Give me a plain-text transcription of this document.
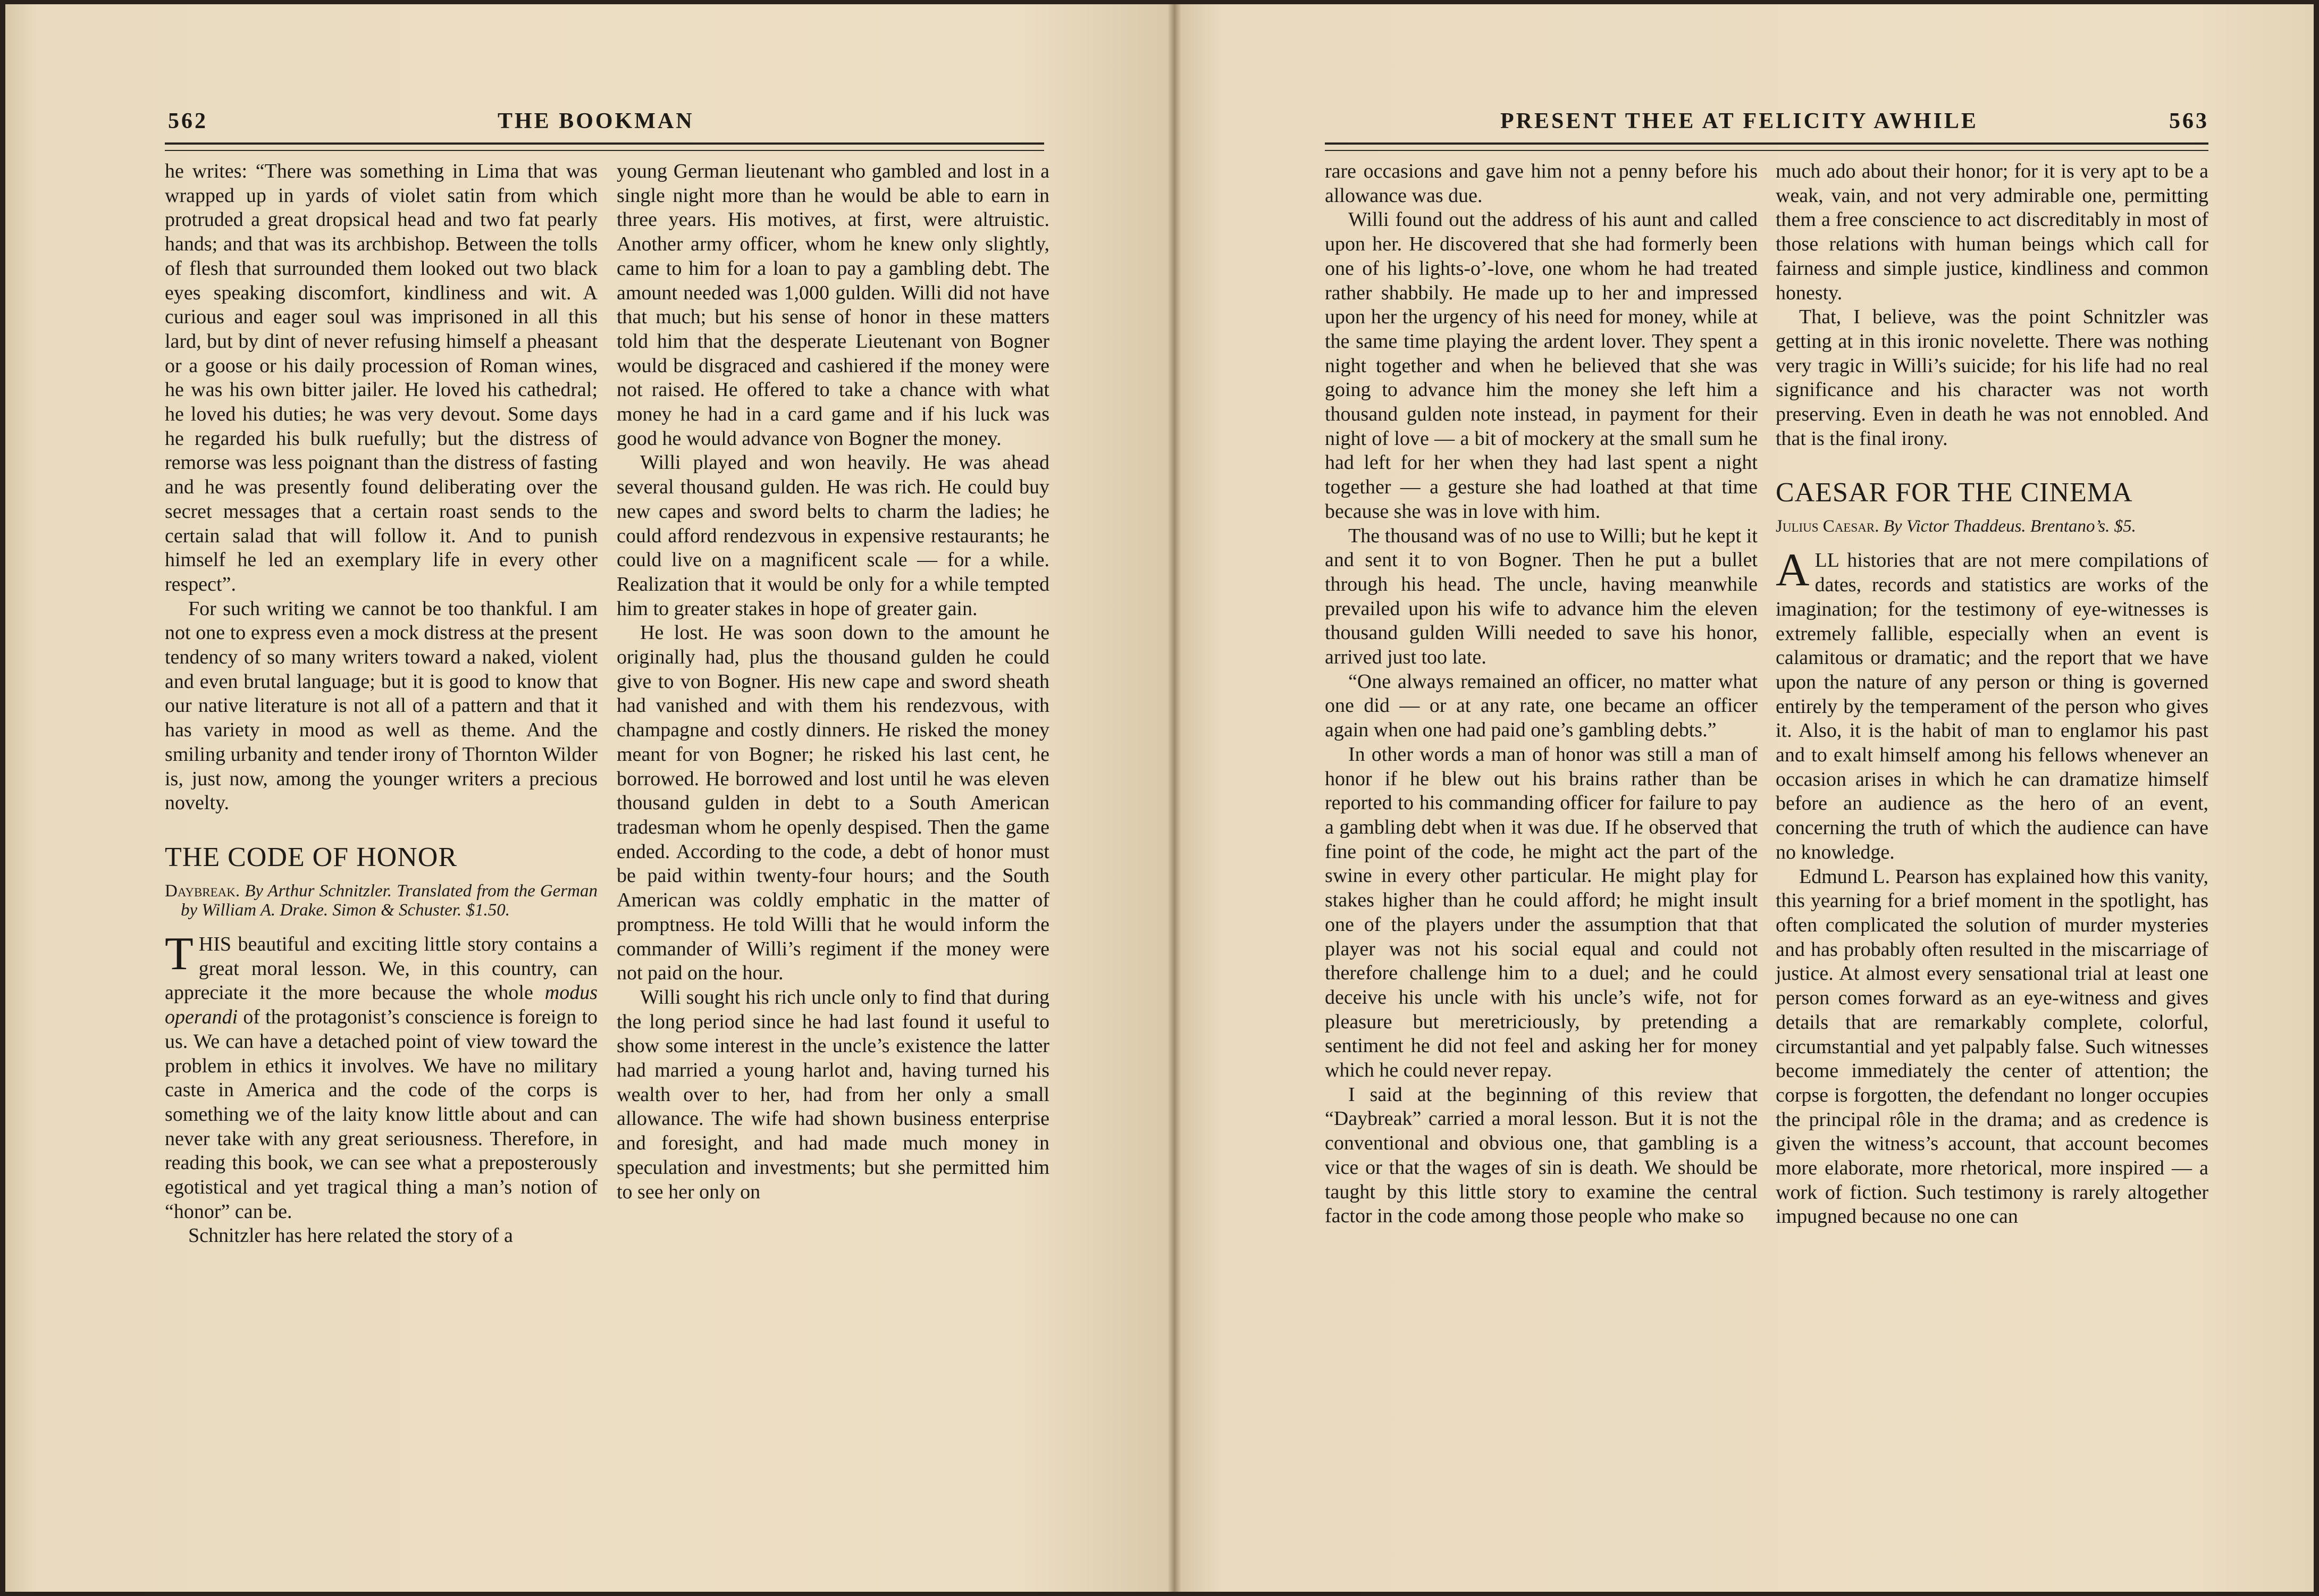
562	THE BOOKMAN

he writes: “There was something in Lima that was wrapped up in yards of violet satin from which protruded a great dropsical head and two fat pearly hands; and that was its archbishop. Between the tolls of flesh that surrounded them looked out two black eyes speaking discomfort, kindliness and wit. A curious and eager soul was imprisoned in all this lard, but by dint of never refusing himself a pheasant or a goose or his daily procession of Roman wines, he was his own bitter jailer. He loved his cathedral; he loved his duties; he was very devout. Some days he regarded his bulk ruefully; but the distress of remorse was less poignant than the distress of fasting and he was presently found deliberating over the secret messages that a certain roast sends to the certain salad that will follow it. And to punish himself he led an exemplary life in every other respect”.

For such writing we cannot be too thankful. I am not one to express even a mock distress at the present tendency of so many writers toward a naked, violent and even brutal language; but it is good to know that our native literature is not all of a pattern and that it has variety in mood as well as theme. And the smiling urbanity and tender irony of Thornton Wilder is, just now, among the younger writers a precious novelty.

THE CODE OF HONOR
Daybreak. By Arthur Schnitzler. Translated from the German by William A. Drake. Simon & Schuster. $1.50.

THIS beautiful and exciting little story contains a great moral lesson. We, in this country, can appreciate it the more because the whole modus operandi of the protagonist’s conscience is foreign to us. We can have a detached point of view toward the problem in ethics it involves. We have no military caste in America and the code of the corps is something we of the laity know little about and can never take with any great seriousness. Therefore, in reading this book, we can see what a preposterously egotistical and yet tragical thing a man’s notion of “honor” can be.

Schnitzler has here related the story of a

young German lieutenant who gambled and lost in a single night more than he would be able to earn in three years. His motives, at first, were altruistic. Another army officer, whom he knew only slightly, came to him for a loan to pay a gambling debt. The amount needed was 1,000 gulden. Willi did not have that much; but his sense of honor in these matters told him that the desperate Lieutenant von Bogner would be disgraced and cashiered if the money were not raised. He offered to take a chance with what money he had in a card game and if his luck was good he would advance von Bogner the money.

Willi played and won heavily. He was ahead several thousand gulden. He was rich. He could buy new capes and sword belts to charm the ladies; he could afford rendezvous in expensive restaurants; he could live on a magnificent scale — for a while. Realization that it would be only for a while tempted him to greater stakes in hope of greater gain.

He lost. He was soon down to the amount he originally had, plus the thousand gulden he could give to von Bogner. His new cape and sword sheath had vanished and with them his rendezvous, with champagne and costly dinners. He risked the money meant for von Bogner; he risked his last cent, he borrowed. He borrowed and lost until he was eleven thousand gulden in debt to a South American tradesman whom he openly despised. Then the game ended. According to the code, a debt of honor must be paid within twenty-four hours; and the South American was coldly emphatic in the matter of promptness. He told Willi that he would inform the commander of Willi’s regiment if the money were not paid on the hour.

Willi sought his rich uncle only to find that during the long period since he had last found it useful to show some interest in the uncle’s existence the latter had married a young harlot and, having turned his wealth over to her, had from her only a small allowance. The wife had shown business enterprise and foresight, and had made much money in speculation and investments; but she permitted him to see her only on

PRESENT THEE AT FELICITY AWHILE	563

rare occasions and gave him not a penny before his allowance was due.

Willi found out the address of his aunt and called upon her. He discovered that she had formerly been one of his lights-o’-love, one whom he had treated rather shabbily. He made up to her and impressed upon her the urgency of his need for money, while at the same time playing the ardent lover. They spent a night together and when he believed that she was going to advance him the money she left him a thousand gulden note instead, in payment for their night of love — a bit of mockery at the small sum he had left for her when they had last spent a night together — a gesture she had loathed at that time because she was in love with him.

The thousand was of no use to Willi; but he kept it and sent it to von Bogner. Then he put a bullet through his head. The uncle, having meanwhile prevailed upon his wife to advance him the eleven thousand gulden Willi needed to save his honor, arrived just too late.

“One always remained an officer, no matter what one did — or at any rate, one became an officer again when one had paid one’s gambling debts.”

In other words a man of honor was still a man of honor if he blew out his brains rather than be reported to his commanding officer for failure to pay a gambling debt when it was due. If he observed that fine point of the code, he might act the part of the swine in every other particular. He might play for stakes higher than he could afford; he might insult one of the players under the assumption that that player was not his social equal and could not therefore challenge him to a duel; and he could deceive his uncle with his uncle’s wife, not for pleasure but meretriciously, by pretending a sentiment he did not feel and asking her for money which he could never repay.

I said at the beginning of this review that “Daybreak” carried a moral lesson. But it is not the conventional and obvious one, that gambling is a vice or that the wages of sin is death. We should be taught by this little story to examine the central factor in the code among those people who make so

much ado about their honor; for it is very apt to be a weak, vain, and not very admirable one, permitting them a free conscience to act discreditably in most of those relations with human beings which call for fairness and simple justice, kindliness and common honesty.

That, I believe, was the point Schnitzler was getting at in this ironic novelette. There was nothing very tragic in Willi’s suicide; for his life had no real significance and his character was not worth preserving. Even in death he was not ennobled. And that is the final irony.

CAESAR FOR THE CINEMA
Julius Caesar. By Victor Thaddeus. Brentano’s. $5.

ALL histories that are not mere compilations of dates, records and statistics are works of the imagination; for the testimony of eye-witnesses is extremely fallible, especially when an event is calamitous or dramatic; and the report that we have upon the nature of any person or thing is governed entirely by the temperament of the person who gives it. Also, it is the habit of man to englamor his past and to exalt himself among his fellows whenever an occasion arises in which he can dramatize himself before an audience as the hero of an event, concerning the truth of which the audience can have no knowledge.

Edmund L. Pearson has explained how this vanity, this yearning for a brief moment in the spotlight, has often complicated the solution of murder mysteries and has probably often resulted in the miscarriage of justice. At almost every sensational trial at least one person comes forward as an eye-witness and gives details that are remarkably complete, colorful, circumstantial and yet palpably false. Such witnesses become immediately the center of attention; the corpse is forgotten, the defendant no longer occupies the principal rôle in the drama; and as credence is given the witness’s account, that account becomes more elaborate, more rhetorical, more inspired — a work of fiction. Such testimony is rarely altogether impugned because no one can
